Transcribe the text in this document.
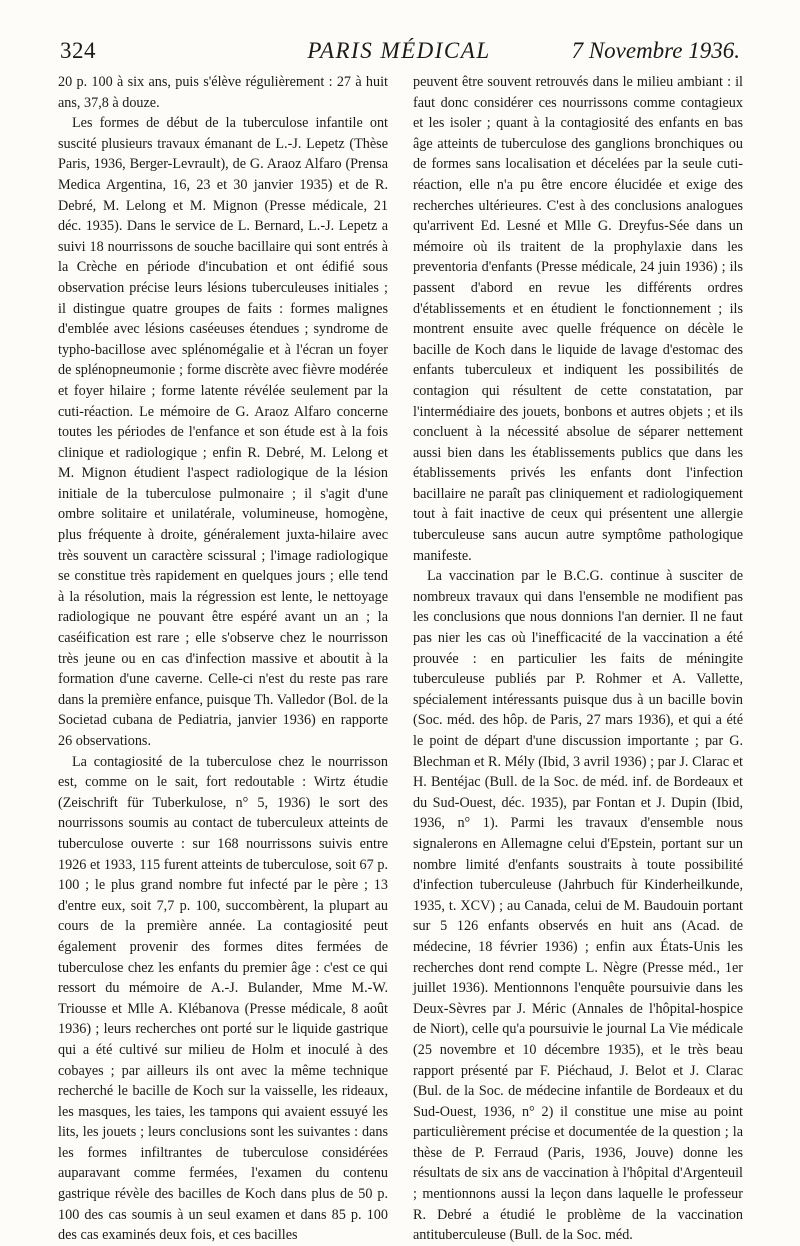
324	PARIS MÉDICAL	7 Novembre 1936.

20 p. 100 à six ans, puis s'élève régulièrement : 27 à huit ans, 37,8 à douze.

Les formes de début de la tuberculose infantile ont suscité plusieurs travaux émanant de L.-J. Lepetz (Thèse Paris, 1936, Berger-Levrault), de G. Araoz Alfaro (Prensa Medica Argentina, 16, 23 et 30 janvier 1935) et de R. Debré, M. Lelong et M. Mignon (Presse médicale, 21 déc. 1935). Dans le service de L. Bernard, L.-J. Lepetz a suivi 18 nourrissons de souche bacillaire qui sont entrés à la Crèche en période d'incubation et ont édifié sous observation précise leurs lésions tuberculeuses initiales ; il distingue quatre groupes de faits : formes malignes d'emblée avec lésions caséeuses étendues ; syndrome de typho-bacillose avec splénomégalie et à l'écran un foyer de splénopneumonie ; forme discrète avec fièvre modérée et foyer hilaire ; forme latente révélée seulement par la cuti-réaction. Le mémoire de G. Araoz Alfaro concerne toutes les périodes de l'enfance et son étude est à la fois clinique et radiologique ; enfin R. Debré, M. Lelong et M. Mignon étudient l'aspect radiologique de la lésion initiale de la tuberculose pulmonaire ; il s'agit d'une ombre solitaire et unilatérale, volumineuse, homogène, plus fréquente à droite, généralement juxta-hilaire avec très souvent un caractère scissural ; l'image radiologique se constitue très rapidement en quelques jours ; elle tend à la résolution, mais la régression est lente, le nettoyage radiologique ne pouvant être espéré avant un an ; la caséification est rare ; elle s'observe chez le nourrisson très jeune ou en cas d'infection massive et aboutit à la formation d'une caverne. Celle-ci n'est du reste pas rare dans la première enfance, puisque Th. Valledor (Bol. de la Societad cubana de Pediatria, janvier 1936) en rapporte 26 observations.

La contagiosité de la tuberculose chez le nourrisson est, comme on le sait, fort redoutable : Wirtz étudie (Zeischrift für Tuberkulose, n° 5, 1936) le sort des nourrissons soumis au contact de tuberculeux atteints de tuberculose ouverte : sur 168 nourrissons suivis entre 1926 et 1933, 115 furent atteints de tuberculose, soit 67 p. 100 ; le plus grand nombre fut infecté par le père ; 13 d'entre eux, soit 7,7 p. 100, succombèrent, la plupart au cours de la première année. La contagiosité peut également provenir des formes dites fermées de tuberculose chez les enfants du premier âge : c'est ce qui ressort du mémoire de A.-J. Bulander, Mme M.-W. Triousse et Mlle A. Klébanova (Presse médicale, 8 août 1936) ; leurs recherches ont porté sur le liquide gastrique qui a été cultivé sur milieu de Holm et inoculé à des cobayes ; par ailleurs ils ont avec la même technique recherché le bacille de Koch sur la vaisselle, les rideaux, les masques, les taies, les tampons qui avaient essuyé les lits, les jouets ; leurs conclusions sont les suivantes : dans les formes infiltrantes de tuberculose considérées auparavant comme fermées, l'examen du contenu gastrique révèle des bacilles de Koch dans plus de 50 p. 100 des cas soumis à un seul examen et dans 85 p. 100 des cas examinés deux fois, et ces bacilles

peuvent être souvent retrouvés dans le milieu ambiant : il faut donc considérer ces nourrissons comme contagieux et les isoler ; quant à la contagiosité des enfants en bas âge atteints de tuberculose des ganglions bronchiques ou de formes sans localisation et décelées par la seule cuti-réaction, elle n'a pu être encore élucidée et exige des recherches ultérieures. C'est à des conclusions analogues qu'arrivent Ed. Lesné et Mlle G. Dreyfus-Sée dans un mémoire où ils traitent de la prophylaxie dans les preventoria d'enfants (Presse médicale, 24 juin 1936) ; ils passent d'abord en revue les différents ordres d'établissements et en étudient le fonctionnement ; ils montrent ensuite avec quelle fréquence on décèle le bacille de Koch dans le liquide de lavage d'estomac des enfants tuberculeux et indiquent les possibilités de contagion qui résultent de cette constatation, par l'intermédiaire des jouets, bonbons et autres objets ; et ils concluent à la nécessité absolue de séparer nettement aussi bien dans les établissements publics que dans les établissements privés les enfants dont l'infection bacillaire ne paraît pas cliniquement et radiologiquement tout à fait inactive de ceux qui présentent une allergie tuberculeuse sans aucun autre symptôme pathologique manifeste.

La vaccination par le B.C.G. continue à susciter de nombreux travaux qui dans l'ensemble ne modifient pas les conclusions que nous donnions l'an dernier. Il ne faut pas nier les cas où l'inefficacité de la vaccination a été prouvée : en particulier les faits de méningite tuberculeuse publiés par P. Rohmer et A. Vallette, spécialement intéressants puisque dus à un bacille bovin (Soc. méd. des hôp. de Paris, 27 mars 1936), et qui a été le point de départ d'une discussion importante ; par G. Blechman et R. Mély (Ibid, 3 avril 1936) ; par J. Clarac et H. Bentéjac (Bull. de la Soc. de méd. inf. de Bordeaux et du Sud-Ouest, déc. 1935), par Fontan et J. Dupin (Ibid, 1936, n° 1). Parmi les travaux d'ensemble nous signalerons en Allemagne celui d'Epstein, portant sur un nombre limité d'enfants soustraits à toute possibilité d'infection tuberculeuse (Jahrbuch für Kinderheilkunde, 1935, t. XCV) ; au Canada, celui de M. Baudouin portant sur 5 126 enfants observés en huit ans (Acad. de médecine, 18 février 1936) ; enfin aux États-Unis les recherches dont rend compte L. Nègre (Presse méd., 1er juillet 1936). Mentionnons l'enquête poursuivie dans les Deux-Sèvres par J. Méric (Annales de l'hôpital-hospice de Niort), celle qu'a poursuivie le journal La Vie médicale (25 novembre et 10 décembre 1935), et le très beau rapport présenté par F. Piéchaud, J. Belot et J. Clarac (Bul. de la Soc. de médecine infantile de Bordeaux et du Sud-Ouest, 1936, n° 2) il constitue une mise au point particulièrement précise et documentée de la question ; la thèse de P. Ferraud (Paris, 1936, Jouve) donne les résultats de six ans de vaccination à l'hôpital d'Argenteuil ; mentionnons aussi la leçon dans laquelle le professeur R. Debré a étudié le problème de la vaccination antituberculeuse (Bull. de la Soc. méd.
